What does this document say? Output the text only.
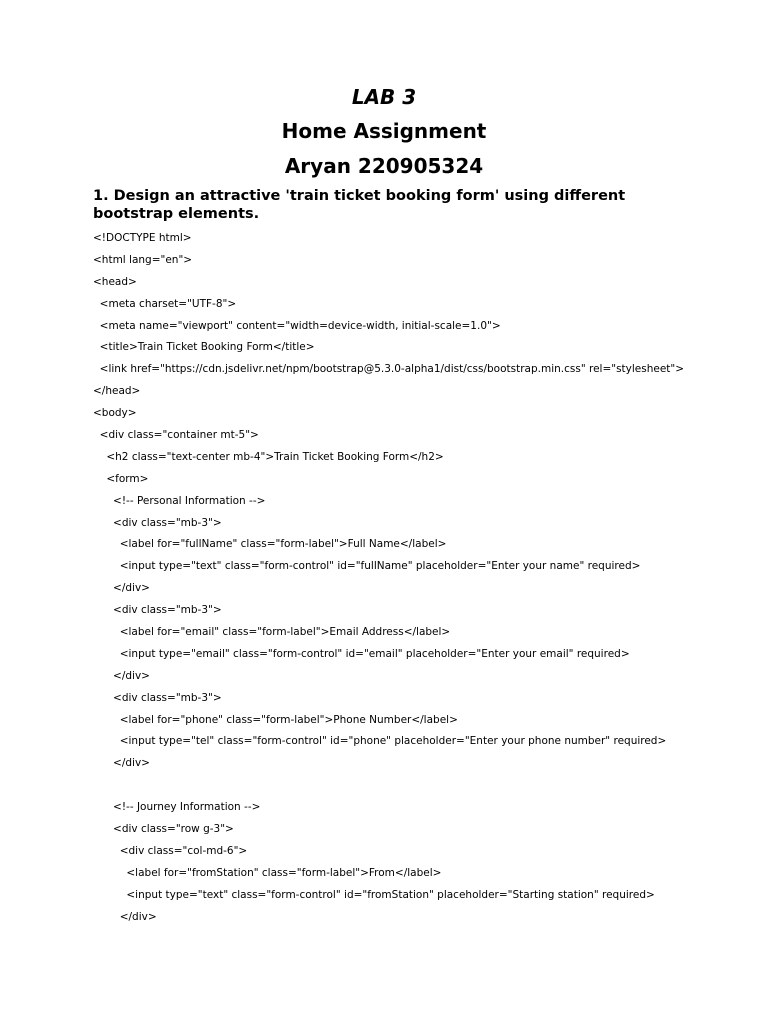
LAB 3
Home Assignment
Aryan 220905324
1. Design an attractive 'train ticket booking form' using different bootstrap elements.
<!DOCTYPE html>
<html lang="en">
<head>
<meta charset="UTF-8">
<meta name="viewport" content="width=device-width, initial-scale=1.0">
<title>Train Ticket Booking Form</title>
<link href="https://cdn.jsdelivr.net/npm/bootstrap@5.3.0-alpha1/dist/css/bootstrap.min.css" rel="stylesheet">
</head>
<body>
<div class="container mt-5">
<h2 class="text-center mb-4">Train Ticket Booking Form</h2>
<form>
<!-- Personal Information -->
<div class="mb-3">
<label for="fullName" class="form-label">Full Name</label>
<input type="text" class="form-control" id="fullName" placeholder="Enter your name" required>
</div>
<div class="mb-3">
<label for="email" class="form-label">Email Address</label>
<input type="email" class="form-control" id="email" placeholder="Enter your email" required>
</div>
<div class="mb-3">
<label for="phone" class="form-label">Phone Number</label>
<input type="tel" class="form-control" id="phone" placeholder="Enter your phone number" required>
</div>
<!-- Journey Information -->
<div class="row g-3">
<div class="col-md-6">
<label for="fromStation" class="form-label">From</label>
<input type="text" class="form-control" id="fromStation" placeholder="Starting station" required>
</div>
